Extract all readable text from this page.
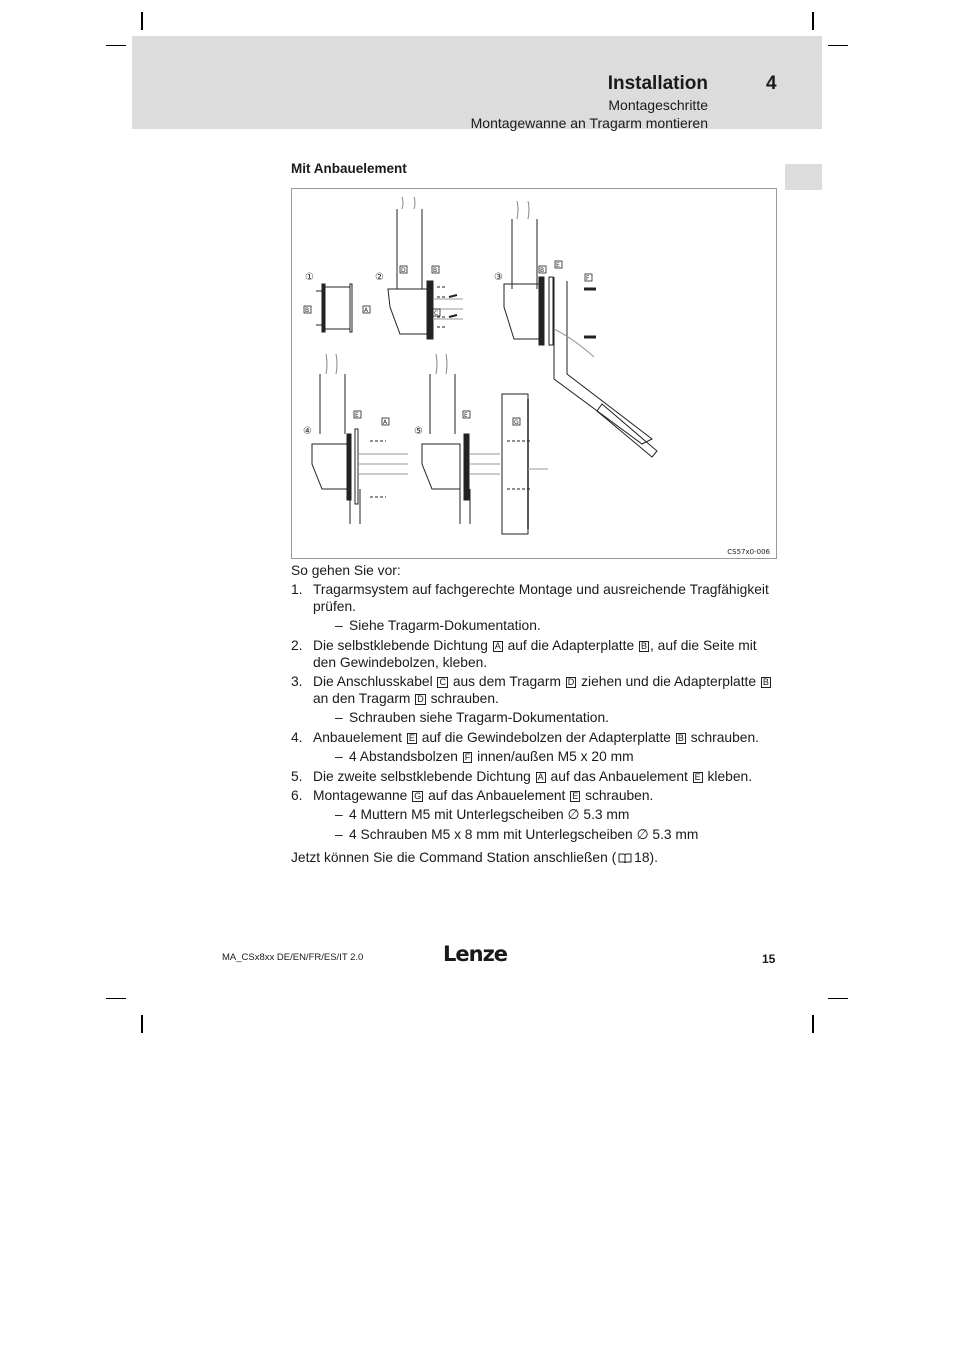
Installation	4
Montageschritte
Montagewanne an Tragarm montieren
Mit Anbauelement
①	②	③
④	⑤
B	A
D	B
C
B
E
F
E
A
E
G
CS57x0-006

So gehen Sie vor:

1. Tragarmsystem auf fachgerechte Montage und ausreichende Tragfähigkeit prüfen.
– Siehe Tragarm-Dokumentation.
2. Die selbstklebende Dichtung A auf die Adapterplatte B , auf die Seite mit den Gewindebolzen, kleben.
3. Die Anschlusskabel C aus dem Tragarm D ziehen und die Adapterplatte B an den Tragarm D schrauben.
– Schrauben siehe Tragarm-Dokumentation.
4. Anbauelement E auf die Gewindebolzen der Adapterplatte B schrauben.
– 4 Abstandsbolzen F innen/außen M5 x 20 mm
5. Die zweite selbstklebende Dichtung A auf das Anbauelement E kleben.
6. Montagewanne G auf das Anbauelement E schrauben.
– 4 Muttern M5 mit Unterlegscheiben ∅ 5.3 mm
– 4 Schrauben M5 x 8 mm mit Unterlegscheiben ∅ 5.3 mm

Jetzt können Sie die Command Station anschließen ( 18).

MA_CSx8xx DE/EN/FR/ES/IT 2.0	Lenze	15
